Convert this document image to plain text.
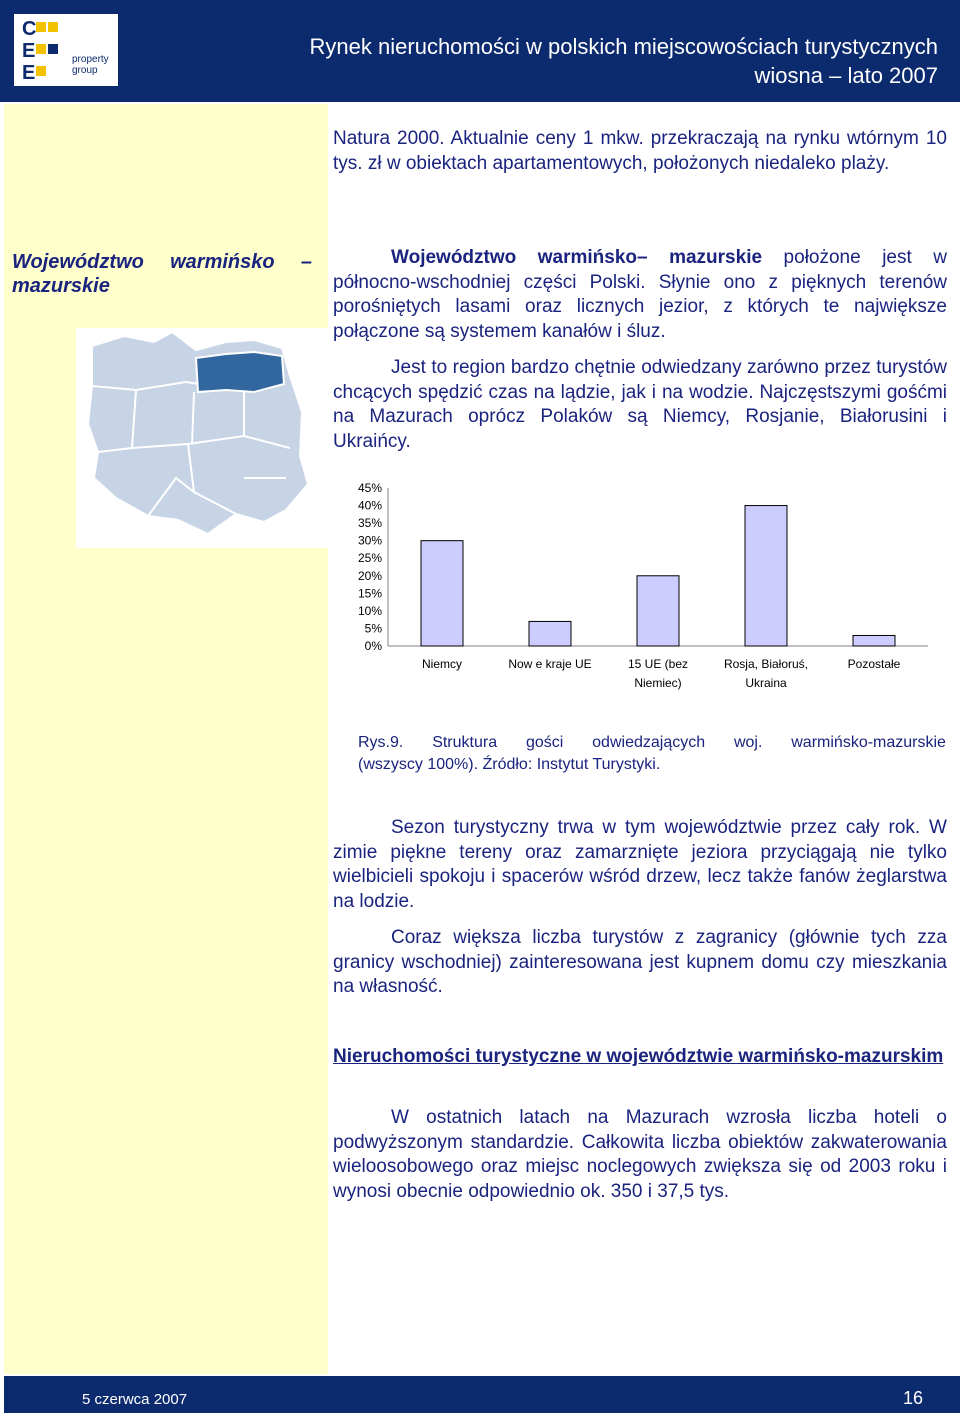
C
E
E
property
group
Rynek nieruchomości w polskich miejscowościach turystycznych
wiosna – lato 2007

Natura 2000. Aktualnie ceny 1 mkw. przekraczają na rynku wtórnym 10 tys. zł w obiektach apartamentowych, położonych niedaleko plaży.

Województwo warmińsko –
mazurskie

Województwo warmińsko– mazurskie położone jest w północno-wschodniej części Polski. Słynie ono z pięknych terenów porośniętych lasami oraz licznych jezior, z których te największe połączone są systemem kanałów i śluz.

Jest to region bardzo chętnie odwiedzany zarówno przez turystów chcących spędzić czas na lądzie, jak i na wodzie. Najczęstszymi gośćmi na Mazurach oprócz Polaków są Niemcy, Rosjanie, Białorusini i Ukraińcy.

0%
5%
10%
15%
20%
25%
30%
35%
40%
45%
Niemcy	Now e kraje UE	15 UE (bez
Niemiec)
Rosja, Białoruś,
Ukraina
Pozostałe
Rys.9. Struktura gości odwiedzających woj. warmińsko-mazurskie
(wszyscy 100%). Źródło: Instytut Turystyki.

Sezon turystyczny trwa w tym województwie przez cały rok. W zimie piękne tereny oraz zamarznięte jeziora przyciągają nie tylko wielbicieli spokoju i spacerów wśród drzew, lecz także fanów żeglarstwa na lodzie.

Coraz większa liczba turystów z zagranicy (głównie tych zza granicy wschodniej) zainteresowana jest kupnem domu czy mieszkania na własność.

Nieruchomości turystyczne w województwie warmińsko-mazurskim

W ostatnich latach na Mazurach wzrosła liczba hoteli o podwyższonym standardzie. Całkowita liczba obiektów zakwaterowania wieloosobowego oraz miejsc noclegowych zwiększa się od 2003 roku i wynosi obecnie odpowiednio ok. 350 i 37,5 tys.

5 czerwca 2007	16
